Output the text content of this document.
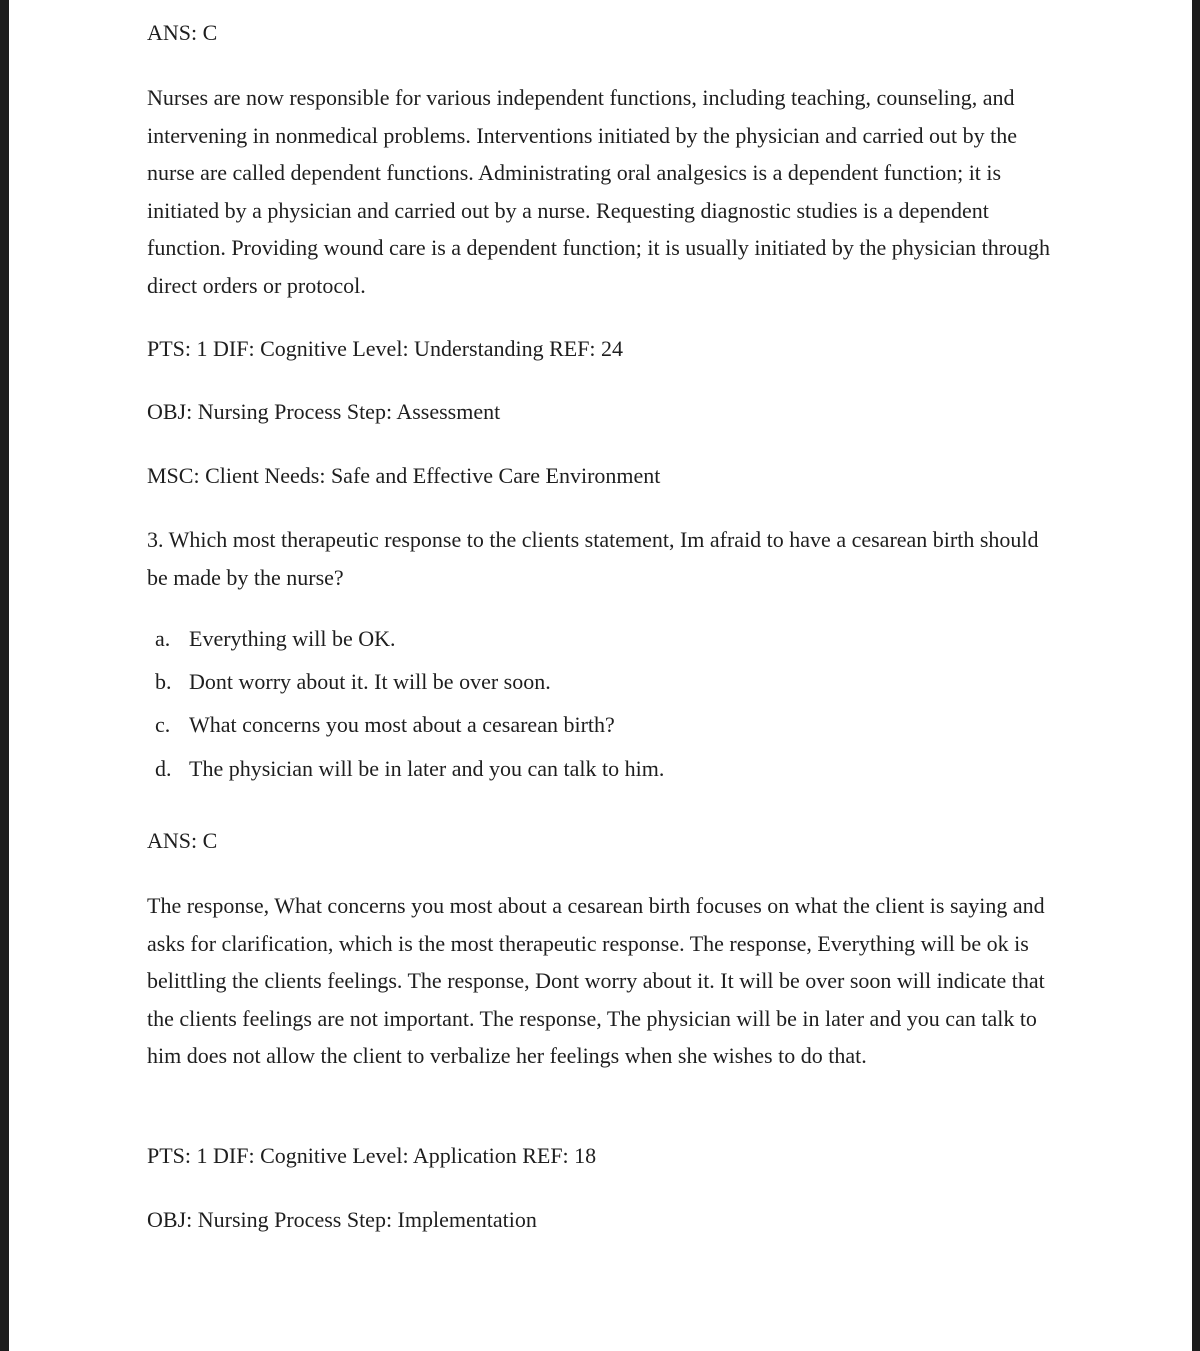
ANS: C

Nurses are now responsible for various independent functions, including teaching, counseling, and intervening in nonmedical problems. Interventions initiated by the physician and carried out by the nurse are called dependent functions. Administrating oral analgesics is a dependent function; it is initiated by a physician and carried out by a nurse. Requesting diagnostic studies is a dependent function. Providing wound care is a dependent function; it is usually initiated by the physician through direct orders or protocol.

PTS: 1 DIF: Cognitive Level: Understanding REF: 24
OBJ: Nursing Process Step: Assessment
MSC: Client Needs: Safe and Effective Care Environment

3. Which most therapeutic response to the clients statement, Im afraid to have a cesarean birth should be made by the nurse?

a. Everything will be OK.
b. Dont worry about it. It will be over soon.
c. What concerns you most about a cesarean birth?
d. The physician will be in later and you can talk to him.
ANS: C

The response, What concerns you most about a cesarean birth focuses on what the client is saying and asks for clarification, which is the most therapeutic response. The response, Everything will be ok is belittling the clients feelings. The response, Dont worry about it. It will be over soon will indicate that the clients feelings are not important. The response, The physician will be in later and you can talk to him does not allow the client to verbalize her feelings when she wishes to do that.

PTS: 1 DIF: Cognitive Level: Application REF: 18
OBJ: Nursing Process Step: Implementation
